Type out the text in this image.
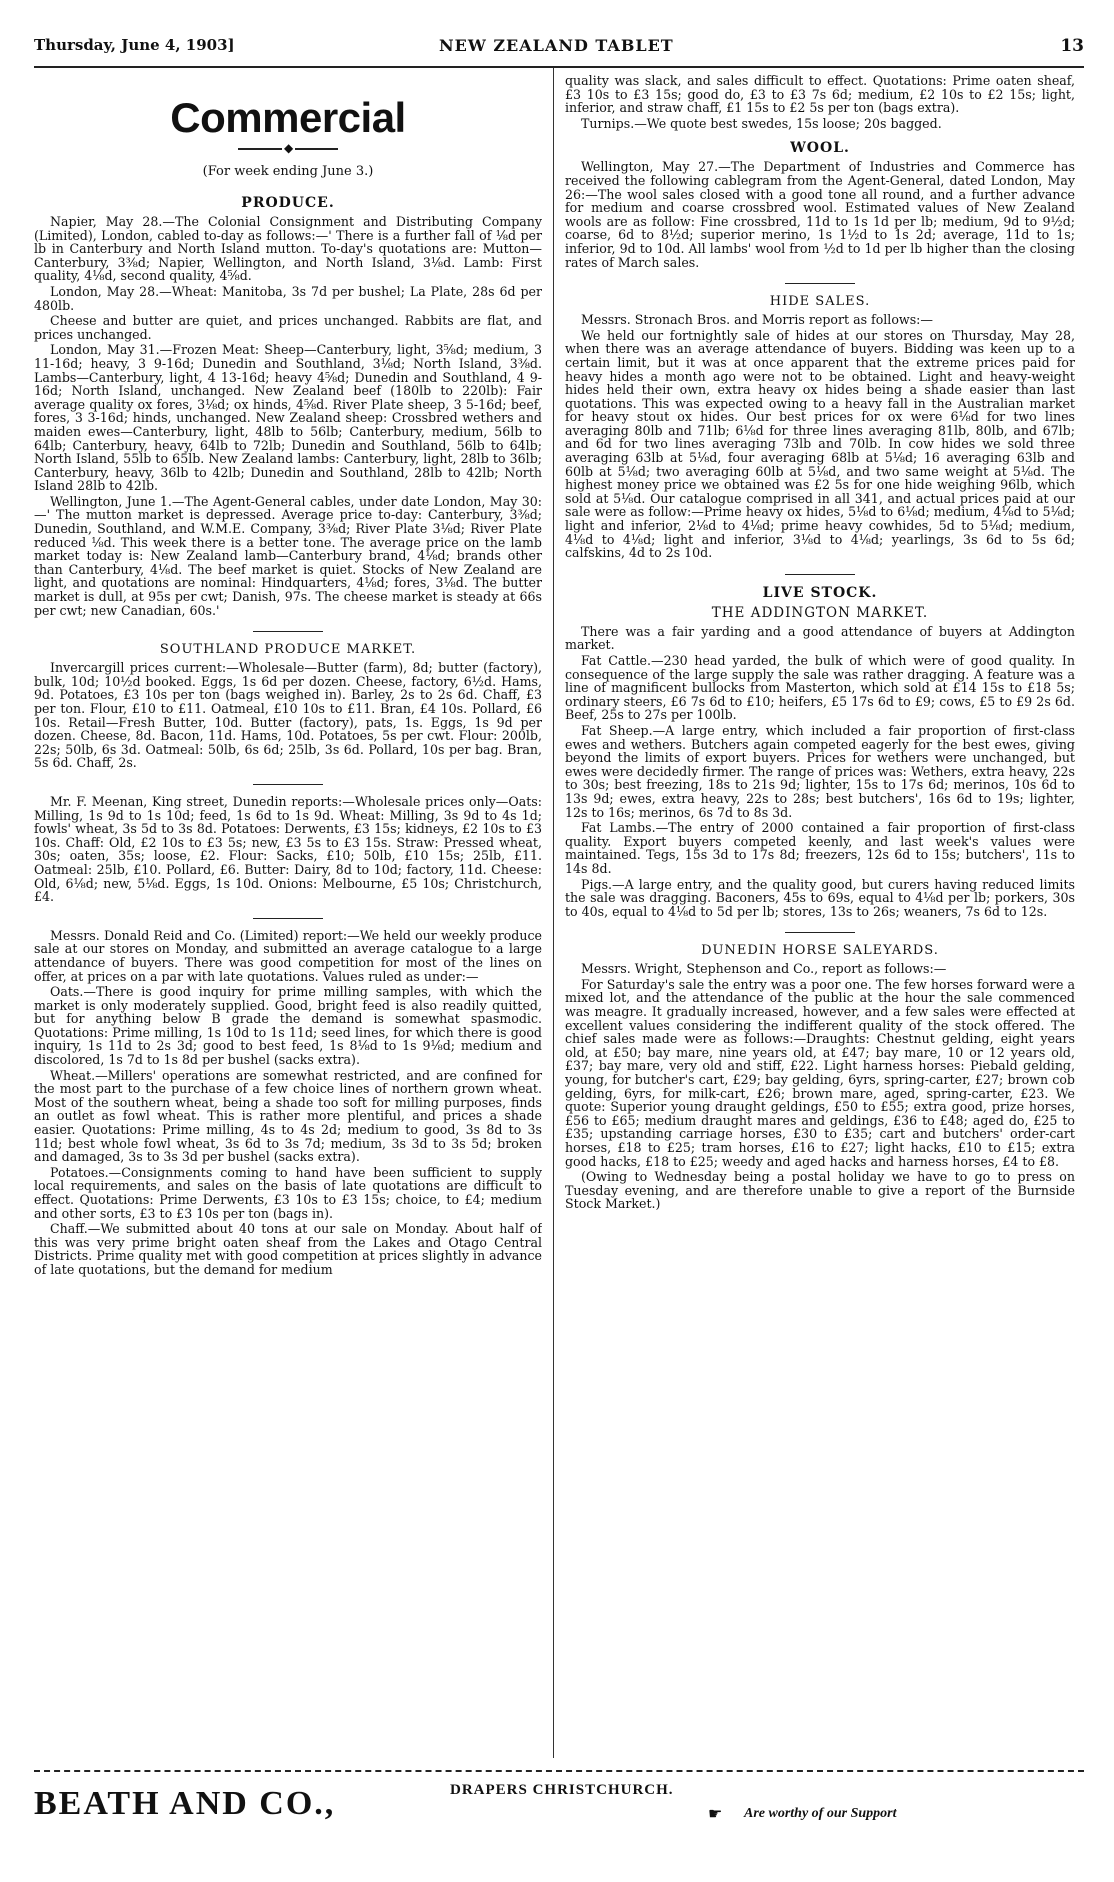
Thursday, June 4, 1903]	NEW ZEALAND TABLET	13
Commercial
◆
(For week ending June 3.)
PRODUCE.

Napier, May 28.—The Colonial Consignment and Distributing Company (Limited), London, cabled to-day as follows:—' There is a further fall of ⅛d per lb in Canterbury and North Island mutton. To-day's quotations are: Mutton—Canterbury, 3⅜d; Napier, Wellington, and North Island, 3⅛d. Lamb: First quality, 4⅛d, second quality, 4⅝d.

London, May 28.—Wheat: Manitoba, 3s 7d per bushel; La Plate, 28s 6d per 480lb.

Cheese and butter are quiet, and prices unchanged. Rabbits are flat, and prices unchanged.

London, May 31.—Frozen Meat: Sheep—Canterbury, light, 3⅝d; medium, 3 11-16d; heavy, 3 9-16d; Dunedin and Southland, 3⅛d; North Island, 3⅜d. Lambs—Canterbury, light, 4 13-16d; heavy 4⅝d; Dunedin and Southland, 4 9-16d; North Island, unchanged. New Zealand beef (180lb to 220lb): Fair average quality ox fores, 3⅛d; ox hinds, 4⅝d. River Plate sheep, 3 5-16d; beef, fores, 3 3-16d; hinds, unchanged. New Zealand sheep: Crossbred wethers and maiden ewes—Canterbury, light, 48lb to 56lb; Canterbury, medium, 56lb to 64lb; Canterbury, heavy, 64lb to 72lb; Dunedin and Southland, 56lb to 64lb; North Island, 55lb to 65lb. New Zealand lambs: Canterbury, light, 28lb to 36lb; Canterbury, heavy, 36lb to 42lb; Dunedin and Southland, 28lb to 42lb; North Island 28lb to 42lb.

Wellington, June 1.—The Agent-General cables, under date London, May 30:—' The mutton market is depressed. Average price to-day: Canterbury, 3⅜d; Dunedin, Southland, and W.M.E. Company, 3⅜d; River Plate 3⅛d; River Plate reduced ⅛d. This week there is a better tone. The average price on the lamb market today is: New Zealand lamb—Canterbury brand, 4⅛d; brands other than Canterbury, 4⅛d. The beef market is quiet. Stocks of New Zealand are light, and quotations are nominal: Hindquarters, 4⅛d; fores, 3⅛d. The butter market is dull, at 95s per cwt; Danish, 97s. The cheese market is steady at 66s per cwt; new Canadian, 60s.'

SOUTHLAND PRODUCE MARKET.

Invercargill prices current:—Wholesale—Butter (farm), 8d; butter (factory), bulk, 10d; 10½d booked. Eggs, 1s 6d per dozen. Cheese, factory, 6½d. Hams, 9d. Potatoes, £3 10s per ton (bags weighed in). Barley, 2s to 2s 6d. Chaff, £3 per ton. Flour, £10 to £11. Oatmeal, £10 10s to £11. Bran, £4 10s. Pollard, £6 10s. Retail—Fresh Butter, 10d. Butter (factory), pats, 1s. Eggs, 1s 9d per dozen. Cheese, 8d. Bacon, 11d. Hams, 10d. Potatoes, 5s per cwt. Flour: 200lb, 22s; 50lb, 6s 3d. Oatmeal: 50lb, 6s 6d; 25lb, 3s 6d. Pollard, 10s per bag. Bran, 5s 6d. Chaff, 2s.

Mr. F. Meenan, King street, Dunedin reports:—Wholesale prices only—Oats: Milling, 1s 9d to 1s 10d; feed, 1s 6d to 1s 9d. Wheat: Milling, 3s 9d to 4s 1d; fowls' wheat, 3s 5d to 3s 8d. Potatoes: Derwents, £3 15s; kidneys, £2 10s to £3 10s. Chaff: Old, £2 10s to £3 5s; new, £3 5s to £3 15s. Straw: Pressed wheat, 30s; oaten, 35s; loose, £2. Flour: Sacks, £10; 50lb, £10 15s; 25lb, £11. Oatmeal: 25lb, £10. Pollard, £6. Butter: Dairy, 8d to 10d; factory, 11d. Cheese: Old, 6⅛d; new, 5⅛d. Eggs, 1s 10d. Onions: Melbourne, £5 10s; Christchurch, £4.

Messrs. Donald Reid and Co. (Limited) report:—We held our weekly produce sale at our stores on Monday, and submitted an average catalogue to a large attendance of buyers. There was good competition for most of the lines on offer, at prices on a par with late quotations. Values ruled as under:—

Oats.—There is good inquiry for prime milling samples, with which the market is only moderately supplied. Good, bright feed is also readily quitted, but for anything below B grade the demand is somewhat spasmodic. Quotations: Prime milling, 1s 10d to 1s 11d; seed lines, for which there is good inquiry, 1s 11d to 2s 3d; good to best feed, 1s 8⅛d to 1s 9⅛d; medium and discolored, 1s 7d to 1s 8d per bushel (sacks extra).

Wheat.—Millers' operations are somewhat restricted, and are confined for the most part to the purchase of a few choice lines of northern grown wheat. Most of the southern wheat, being a shade too soft for milling purposes, finds an outlet as fowl wheat. This is rather more plentiful, and prices a shade easier. Quotations: Prime milling, 4s to 4s 2d; medium to good, 3s 8d to 3s 11d; best whole fowl wheat, 3s 6d to 3s 7d; medium, 3s 3d to 3s 5d; broken and damaged, 3s to 3s 3d per bushel (sacks extra).

Potatoes.—Consignments coming to hand have been sufficient to supply local requirements, and sales on the basis of late quotations are difficult to effect. Quotations: Prime Derwents, £3 10s to £3 15s; choice, to £4; medium and other sorts, £3 to £3 10s per ton (bags in).

Chaff.—We submitted about 40 tons at our sale on Monday. About half of this was very prime bright oaten sheaf from the Lakes and Otago Central Districts. Prime quality met with good competition at prices slightly in advance of late quotations, but the demand for medium

quality was slack, and sales difficult to effect. Quotations: Prime oaten sheaf, £3 10s to £3 15s; good do, £3 to £3 7s 6d; medium, £2 10s to £2 15s; light, inferior, and straw chaff, £1 15s to £2 5s per ton (bags extra).

Turnips.—We quote best swedes, 15s loose; 20s bagged.

WOOL.

Wellington, May 27.—The Department of Industries and Commerce has received the following cablegram from the Agent-General, dated London, May 26:—The wool sales closed with a good tone all round, and a further advance for medium and coarse crossbred wool. Estimated values of New Zealand wools are as follow: Fine crossbred, 11d to 1s 1d per lb; medium, 9d to 9½d; coarse, 6d to 8½d; superior merino, 1s 1½d to 1s 2d; average, 11d to 1s; inferior, 9d to 10d. All lambs' wool from ½d to 1d per lb higher than the closing rates of March sales.

HIDE SALES.

Messrs. Stronach Bros. and Morris report as follows:—

We held our fortnightly sale of hides at our stores on Thursday, May 28, when there was an average attendance of buyers. Bidding was keen up to a certain limit, but it was at once apparent that the extreme prices paid for heavy hides a month ago were not to be obtained. Light and heavy-weight hides held their own, extra heavy ox hides being a shade easier than last quotations. This was expected owing to a heavy fall in the Australian market for heavy stout ox hides. Our best prices for ox were 6⅛d for two lines averaging 80lb and 71lb; 6⅛d for three lines averaging 81lb, 80lb, and 67lb; and 6d for two lines averaging 73lb and 70lb. In cow hides we sold three averaging 63lb at 5⅛d, four averaging 68lb at 5⅛d; 16 averaging 63lb and 60lb at 5⅛d; two averaging 60lb at 5⅛d, and two same weight at 5⅛d. The highest money price we obtained was £2 5s for one hide weighing 96lb, which sold at 5⅛d. Our catalogue comprised in all 341, and actual prices paid at our sale were as follow:—Prime heavy ox hides, 5⅛d to 6⅛d; medium, 4⅛d to 5⅛d; light and inferior, 2⅛d to 4⅛d; prime heavy cowhides, 5d to 5⅛d; medium, 4⅛d to 4⅛d; light and inferior, 3⅛d to 4⅛d; yearlings, 3s 6d to 5s 6d; calfskins, 4d to 2s 10d.

LIVE STOCK.
THE ADDINGTON MARKET.

There was a fair yarding and a good attendance of buyers at Addington market.

Fat Cattle.—230 head yarded, the bulk of which were of good quality. In consequence of the large supply the sale was rather dragging. A feature was a line of magnificent bullocks from Masterton, which sold at £14 15s to £18 5s; ordinary steers, £6 7s 6d to £10; heifers, £5 17s 6d to £9; cows, £5 to £9 2s 6d. Beef, 25s to 27s per 100lb.

Fat Sheep.—A large entry, which included a fair proportion of first-class ewes and wethers. Butchers again competed eagerly for the best ewes, giving beyond the limits of export buyers. Prices for wethers were unchanged, but ewes were decidedly firmer. The range of prices was: Wethers, extra heavy, 22s to 30s; best freezing, 18s to 21s 9d; lighter, 15s to 17s 6d; merinos, 10s 6d to 13s 9d; ewes, extra heavy, 22s to 28s; best butchers', 16s 6d to 19s; lighter, 12s to 16s; merinos, 6s 7d to 8s 3d.

Fat Lambs.—The entry of 2000 contained a fair proportion of first-class quality. Export buyers competed keenly, and last week's values were maintained. Tegs, 15s 3d to 17s 8d; freezers, 12s 6d to 15s; butchers', 11s to 14s 8d.

Pigs.—A large entry, and the quality good, but curers having reduced limits the sale was dragging. Baconers, 45s to 69s, equal to 4⅛d per lb; porkers, 30s to 40s, equal to 4⅛d to 5d per lb; stores, 13s to 26s; weaners, 7s 6d to 12s.

DUNEDIN HORSE SALEYARDS.

Messrs. Wright, Stephenson and Co., report as follows:—

For Saturday's sale the entry was a poor one. The few horses forward were a mixed lot, and the attendance of the public at the hour the sale commenced was meagre. It gradually increased, however, and a few sales were effected at excellent values considering the indifferent quality of the stock offered. The chief sales made were as follows:—Draughts: Chestnut gelding, eight years old, at £50; bay mare, nine years old, at £47; bay mare, 10 or 12 years old, £37; bay mare, very old and stiff, £22. Light harness horses: Piebald gelding, young, for butcher's cart, £29; bay gelding, 6yrs, spring-carter, £27; brown cob gelding, 6yrs, for milk-cart, £26; brown mare, aged, spring-carter, £23. We quote: Superior young draught geldings, £50 to £55; extra good, prize horses, £56 to £65; medium draught mares and geldings, £36 to £48; aged do, £25 to £35; upstanding carriage horses, £30 to £35; cart and butchers' order-cart horses, £18 to £25; tram horses, £16 to £27; light hacks, £10 to £15; extra good hacks, £18 to £25; weedy and aged hacks and harness horses, £4 to £8.

(Owing to Wednesday being a postal holiday we have to go to press on Tuesday evening, and are therefore unable to give a report of the Burnside Stock Market.)

BEATH AND CO.,	DRAPERS CHRISTCHURCH.
☛ Are worthy of our Support
